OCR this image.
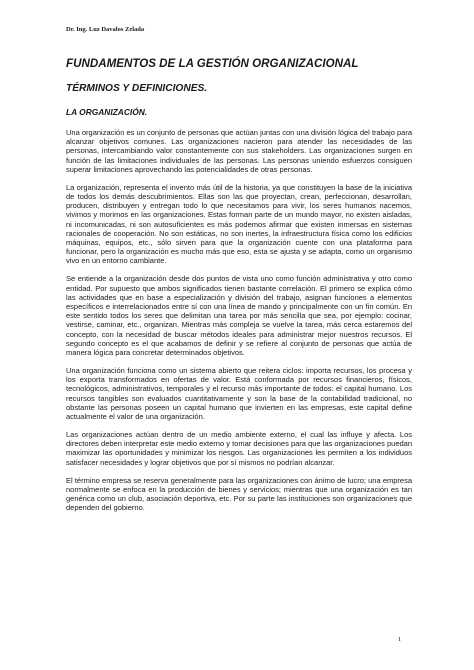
Dr. Ing. Luz Davalos Zelada
FUNDAMENTOS DE LA GESTIÓN ORGANIZACIONAL
TÉRMINOS Y DEFINICIONES.
LA ORGANIZACIÓN.

Una organización es un conjunto de personas que actúan juntas con una división lógica del trabajo para alcanzar objetivos comunes. Las organizaciones nacieron para atender las necesidades de las personas, intercambiando valor constantemente con sus stakeholders. Las organizaciones surgen en función de las limitaciones individuales de las personas. Las personas uniendo esfuerzos consiguen superar limitaciones aprovechando las potencialidades de otras personas.

La organización, representa el invento más útil de la historia, ya que constituyen la base de la iniciativa de todos los demás descubrimientos. Ellas son las que proyectan, crean, perfeccionan, desarrollan, producen, distribuyen y entregan todo lo que necesitamos para vivir, los seres humanos nacemos, vivimos y morimos en las organizaciones. Estas forman parte de un mundo mayor, no existen aisladas, ni incomunicadas, ni son autosuficientes es más podemos afirmar que existen inmersas en sistemas racionales de cooperación. No son estáticas, no son inertes, la infraestructura física como los edificios máquinas, equipos, etc., sólo sirven para que la organización cuente con una plataforma para funcionar, pero la organización es mucho más que eso, esta se ajusta y se adapta, como un organismo vivo en un entorno cambiante.

Se entiende a la organización desde dos puntos de vista uno como función administrativa y otro como entidad. Por supuesto que ambos significados tienen bastante correlación. El primero se explica cómo las actividades que en base a especialización y división del trabajo, asignan funciones a elementos específicos e interrelacionados entre sí con una línea de mando y principalmente con un fin común. En este sentido todos los seres que delimitan una tarea por más sencilla que sea, por ejemplo: cocinar, vestirse, caminar, etc., organizan. Mientras más compleja se vuelve la tarea, más cerca estaremos del concepto, con la necesidad de buscar métodos ideales para administrar mejor nuestros recursos. El segundo concepto es el que acabamos de definir y se refiere al conjunto de personas que actúa de manera lógica para concretar determinados objetivos.

Una organización funciona como un sistema abierto que reitera ciclos: importa recursos, los procesa y los exporta transformados en ofertas de valor. Está conformada por recursos financieros, físicos, tecnológicos, administrativos, temporales y el recurso más importante de todos: el capital humano. Los recursos tangibles son evaluados cuantitativamente y son la base de la contabilidad tradicional, no obstante las personas poseen un capital humano que invierten en las empresas, este capital define actualmente el valor de una organización.

Las organizaciones actúan dentro de un medio ambiente externo, el cual las influye y afecta. Los directores deben interpretar este medio externo y tomar decisiones para que las organizaciones puedan maximizar las oportunidades y minimizar los riesgos. Las organizaciones les permiten a los individuos satisfacer necesidades y lograr objetivos que por sí mismos no podrían alcanzar.

El término empresa se reserva generalmente para las organizaciones con ánimo de lucro; una empresa normalmente se enfoca en la producción de bienes y servicios; mientras que una organización es tan genérica como un club, asociación deportiva, etc. Por su parte las instituciones son organizaciones que dependen del gobierno.

1
